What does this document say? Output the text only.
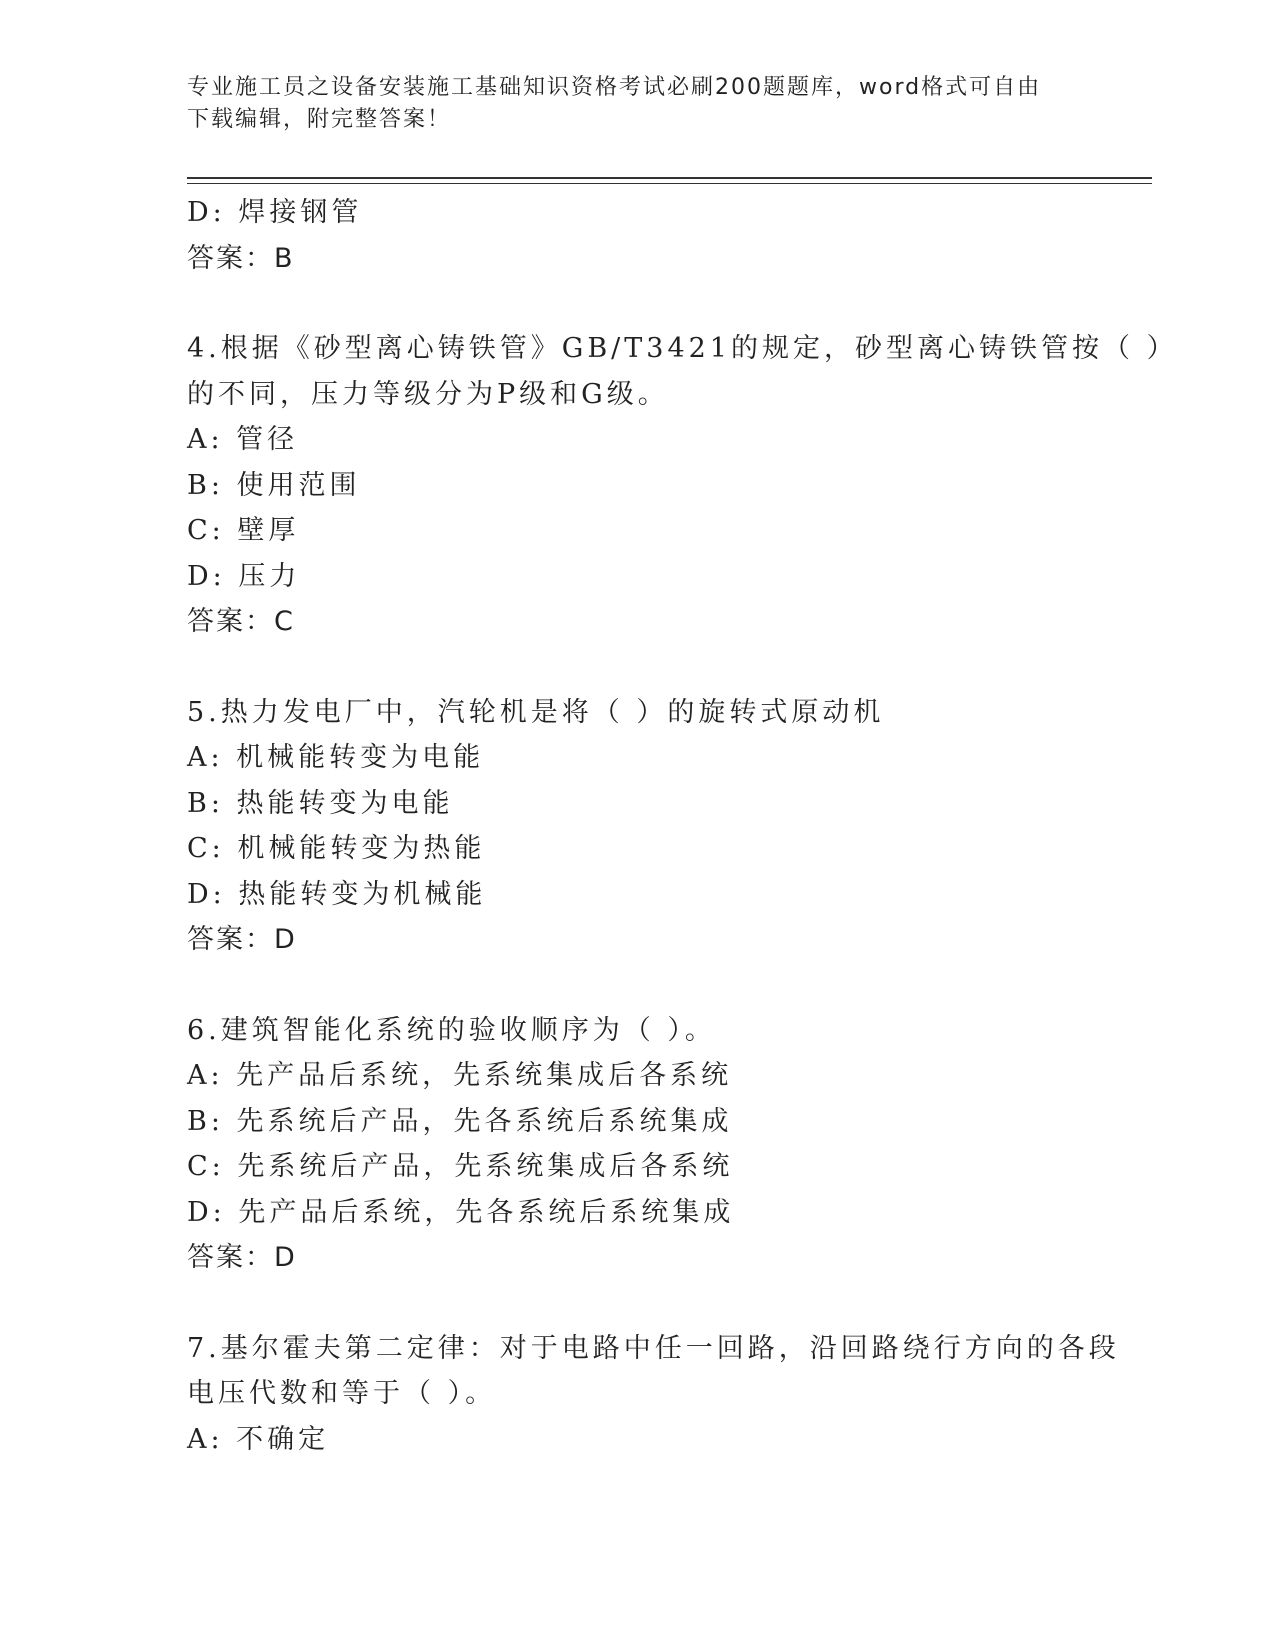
专业施工员之设备安装施工基础知识资格考试必刷200题题库，word格式可自由
下载编辑，附完整答案！
D: 焊接钢管
答案：B
4.根据《砂型离心铸铁管》GB/T3421的规定，砂型离心铸铁管按（ ）
的不同，压力等级分为P级和G级。
A: 管径
B: 使用范围
C: 壁厚
D: 压力
答案：C
5.热力发电厂中，汽轮机是将（ ）的旋转式原动机
A: 机械能转变为电能
B: 热能转变为电能
C: 机械能转变为热能
D: 热能转变为机械能
答案：D
6.建筑智能化系统的验收顺序为（ ）。
A: 先产品后系统，先系统集成后各系统
B: 先系统后产品，先各系统后系统集成
C: 先系统后产品，先系统集成后各系统
D: 先产品后系统，先各系统后系统集成
答案：D
7.基尔霍夫第二定律：对于电路中任一回路，沿回路绕行方向的各段
电压代数和等于（ ）。
A: 不确定
